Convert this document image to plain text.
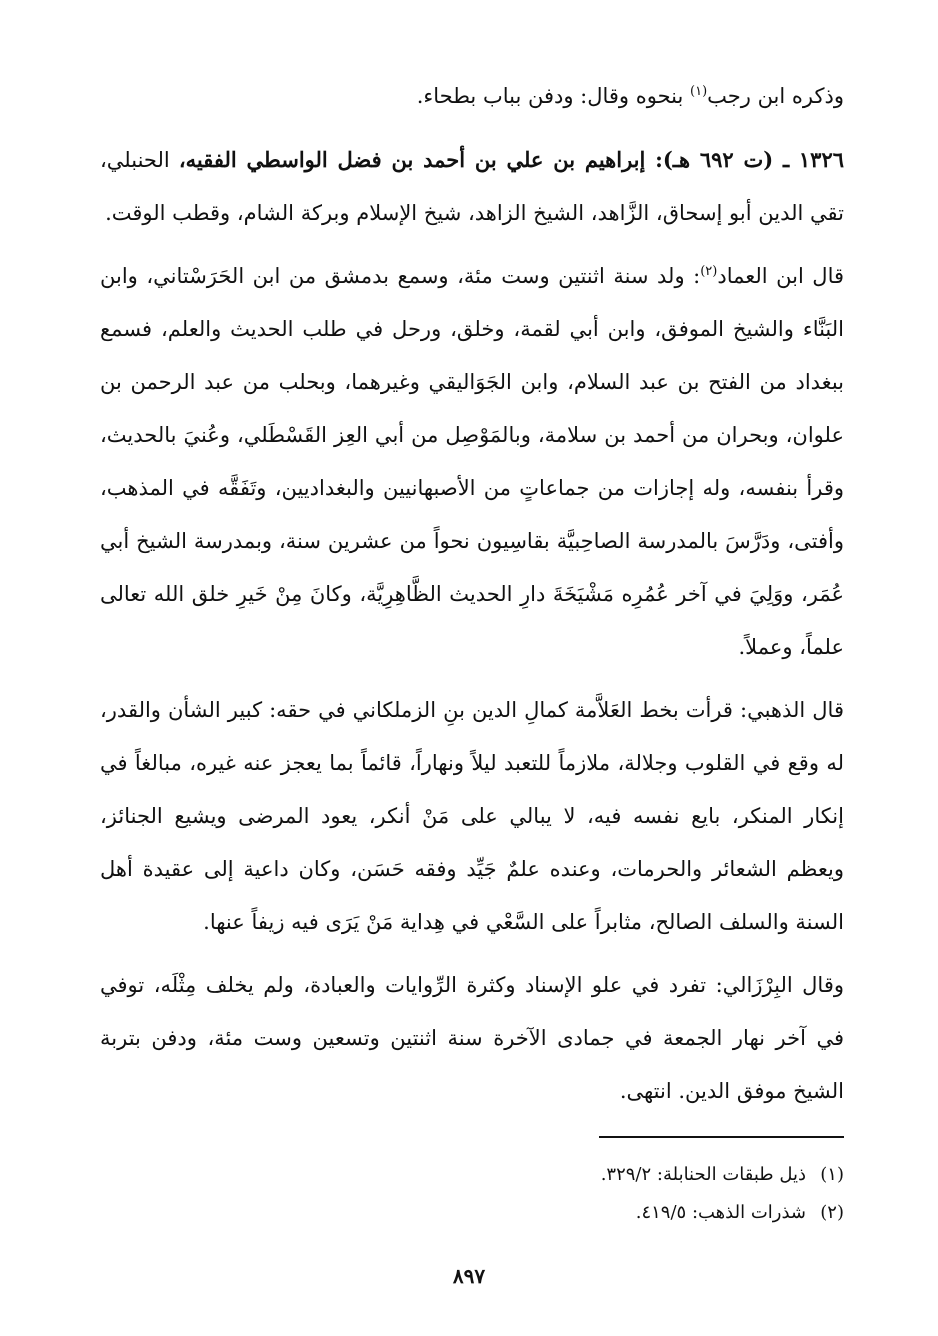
وذكره ابن رجب$^{(١)}$ بنحوه وقال: ودفن بباب بطحاء.

١٣٢٦ ـ (ت ٦٩٢ هـ): إبراهيم بن علي بن أحمد بن فضل الواسطي الفقيه، الحنبلي، تقي الدين أبو إسحاق، الزَّاهد، الشيخ الزاهد، شيخ الإسلام وبركة الشام، وقطب الوقت.

قال ابن العماد$^{(٢)}$: ولد سنة اثنتين وست مئة، وسمع بدمشق من ابن الحَرَسْتاني، وابن البَنَّاء والشيخ الموفق، وابن أبي لقمة، وخلق، ورحل في طلب الحديث والعلم، فسمع ببغداد من الفتح بن عبد السلام، وابن الجَوَاليقي وغيرهما، وبحلب من عبد الرحمن بن علوان، وبحران من أحمد بن سلامة، وبالمَوْصِل من أبي العِز القَسْطَلي، وعُنيَ بالحديث، وقرأ بنفسه، وله إجازات من جماعاتٍ من الأصبهانيين والبغداديين، وتَفَقَّه في المذهب، وأفتى، ودَرَّسَ بالمدرسة الصاحِبيَّة بقاسِيون نحواً من عشرين سنة، وبمدرسة الشيخ أبي عُمَر، ووَلِيَ في آخر عُمُرِه مَشْيَخَةَ دارِ الحديث الظَّاهِرِيَّة، وكانَ مِنْ خَيرِ خلق الله تعالى علماً، وعملاً.

قال الذهبي: قرأت بخط العَلاَّمة كمالِ الدين بنِ الزملكاني في حقه: كبير الشأن والقدر، له وقع في القلوب وجلالة، ملازماً للتعبد ليلاً ونهاراً، قائماً بما يعجز عنه غيره، مبالغاً في إنكار المنكر، بايع نفسه فيه، لا يبالي على مَنْ أنكر، يعود المرضى ويشيع الجنائز، ويعظم الشعائر والحرمات، وعنده علمٌ جَيِّد وفقه حَسَن، وكان داعية إلى عقيدة أهل السنة والسلف الصالح، مثابراً على السَّعْي في هِداية مَنْ يَرَى فيه زيفاً عنها.

وقال البِرْزَالي: تفرد في علو الإسناد وكثرة الرِّوايات والعبادة، ولم يخلف مِثْلَه، توفي في آخر نهار الجمعة في جمادى الآخرة سنة اثنتين وتسعين وست مئة، ودفن بتربة الشيخ موفق الدين. انتهى.

(١)ذيل طبقات الحنابلة: ٣٢٩/٢.
(٢)شذرات الذهب: ٤١٩/٥.
٨٩٧
